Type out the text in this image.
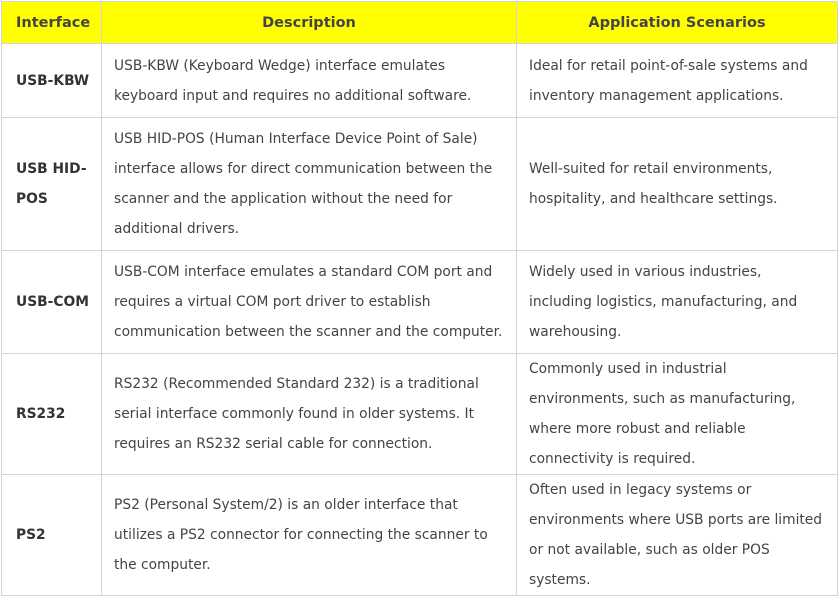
Interface	Description	Application Scenarios
USB-KBW	USB-KBW (Keyboard Wedge) interface emulates keyboard input and requires no additional software.	Ideal for retail point-of-sale systems and inventory management applications.
USB HID-POS	USB HID-POS (Human Interface Device Point of Sale) interface allows for direct communication between the scanner and the application without the need for additional drivers.	Well-suited for retail environments, hospitality, and healthcare settings.
USB-COM	USB-COM interface emulates a standard COM port and requires a virtual COM port driver to establish communication between the scanner and the computer.	Widely used in various industries, including logistics, manufacturing, and warehousing.
RS232	RS232 (Recommended Standard 232) is a traditional serial interface commonly found in older systems. It requires an RS232 serial cable for connection.	Commonly used in industrial environments, such as manufacturing, where more robust and reliable connectivity is required.
PS2	PS2 (Personal System/2) is an older interface that utilizes a PS2 connector for connecting the scanner to the computer.	Often used in legacy systems or environments where USB ports are limited or not available, such as older POS systems.
